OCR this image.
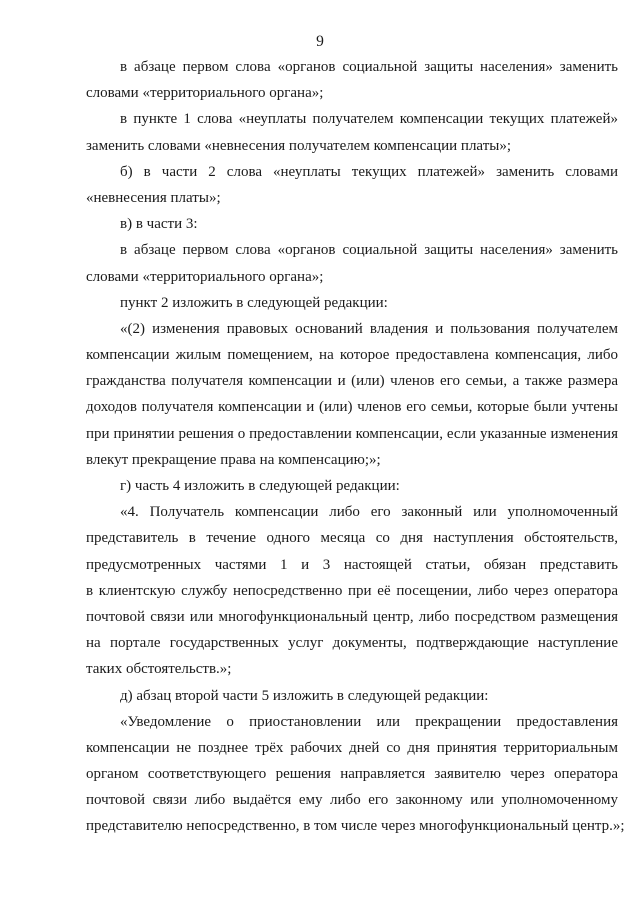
9
в абзаце первом слова «органов социальной защиты населения» заменить
словами «территориального органа»;
в пункте 1 слова «неуплаты получателем компенсации текущих платежей»
заменить словами «невнесения получателем компенсации платы»;
б) в части 2 слова «неуплаты текущих платежей» заменить словами
«невнесения платы»;
в) в части 3:
в абзаце первом слова «органов социальной защиты населения» заменить
словами «территориального органа»;
пункт 2 изложить в следующей редакции:
«(2) изменения правовых оснований владения и пользования получателем
компенсации жилым помещением, на которое предоставлена компенсация, либо
гражданства получателя компенсации и (или) членов его семьи, а также размера
доходов получателя компенсации и (или) членов его семьи, которые были учтены
при принятии решения о предоставлении компенсации, если указанные изменения
влекут прекращение права на компенсацию;»;
г) часть 4 изложить в следующей редакции:
«4. Получатель компенсации либо его законный или уполномоченный
представитель в течение одного месяца со дня наступления обстоятельств,
предусмотренных частями 1 и 3 настоящей статьи, обязан представить
в клиентскую службу непосредственно при её посещении, либо через оператора
почтовой связи или многофункциональный центр, либо посредством размещения
на портале государственных услуг документы, подтверждающие наступление
таких обстоятельств.»;
д) абзац второй части 5 изложить в следующей редакции:
«Уведомление о приостановлении или прекращении предоставления
компенсации не позднее трёх рабочих дней со дня принятия территориальным
органом соответствующего решения направляется заявителю через оператора
почтовой связи либо выдаётся ему либо его законному или уполномоченному
представителю непосредственно, в том числе через многофункциональный центр.»;
